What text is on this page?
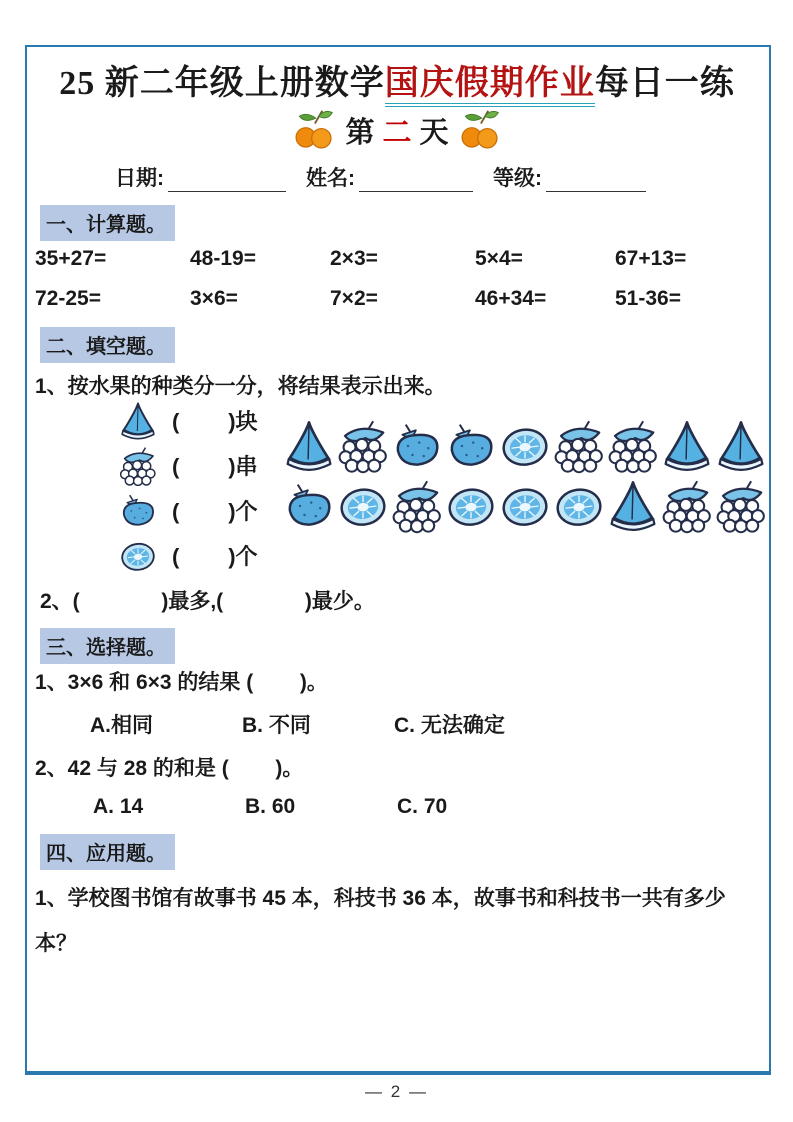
25 新二年级上册数学国庆假期作业每日一练
第 二 天
日期:	姓名:	等级:
一、计算题。
35+27=	48-19=	2×3=	5×4=	67+13=
72-25=	3×6=	7×2=	46+34=	51-36=
二、填空题。
1、按水果的种类分一分，将结果表示出来。
(        )块
(        )串
(        )个
(        )个
2、(              )最多,(              )最少。
三、选择题。
1、3×6 和 6×3 的结果 (        )。
A.相同	B. 不同	C. 无法确定
2、42 与 28 的和是 (        )。
A. 14	B. 60	C. 70
四、应用题。
1、学校图书馆有故事书 45 本，科技书 36 本，故事书和科技书一共有多少本？
— 2 —
